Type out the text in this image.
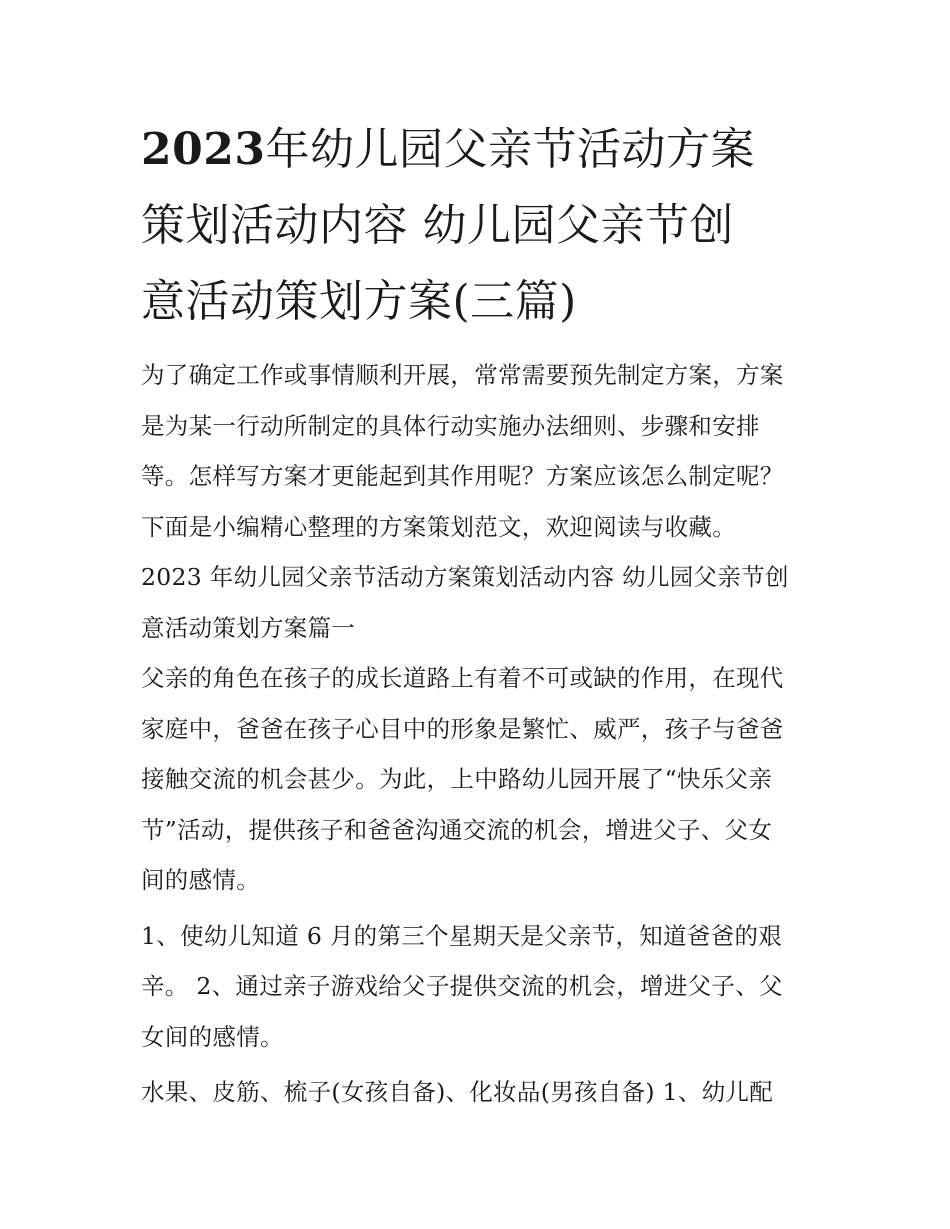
2023年幼儿园父亲节活动方案
策划活动内容 幼儿园父亲节创
意活动策划方案(三篇)
为了确定工作或事情顺利开展，常常需要预先制定方案，方案
是为某一行动所制定的具体行动实施办法细则、步骤和安排
等。怎样写方案才更能起到其作用呢？方案应该怎么制定呢？
下面是小编精心整理的方案策划范文，欢迎阅读与收藏。
2023 年幼儿园父亲节活动方案策划活动内容 幼儿园父亲节创
意活动策划方案篇一
父亲的角色在孩子的成长道路上有着不可或缺的作用，在现代
家庭中，爸爸在孩子心目中的形象是繁忙、威严，孩子与爸爸
接触交流的机会甚少。为此，上中路幼儿园开展了“快乐父亲
节”活动，提供孩子和爸爸沟通交流的机会，增进父子、父女
间的感情。
1、使幼儿知道 6 月的第三个星期天是父亲节，知道爸爸的艰
辛。 2、通过亲子游戏给父子提供交流的机会，增进父子、父
女间的感情。
水果、皮筋、梳子(女孩自备)、化妆品(男孩自备) 1、幼儿配
